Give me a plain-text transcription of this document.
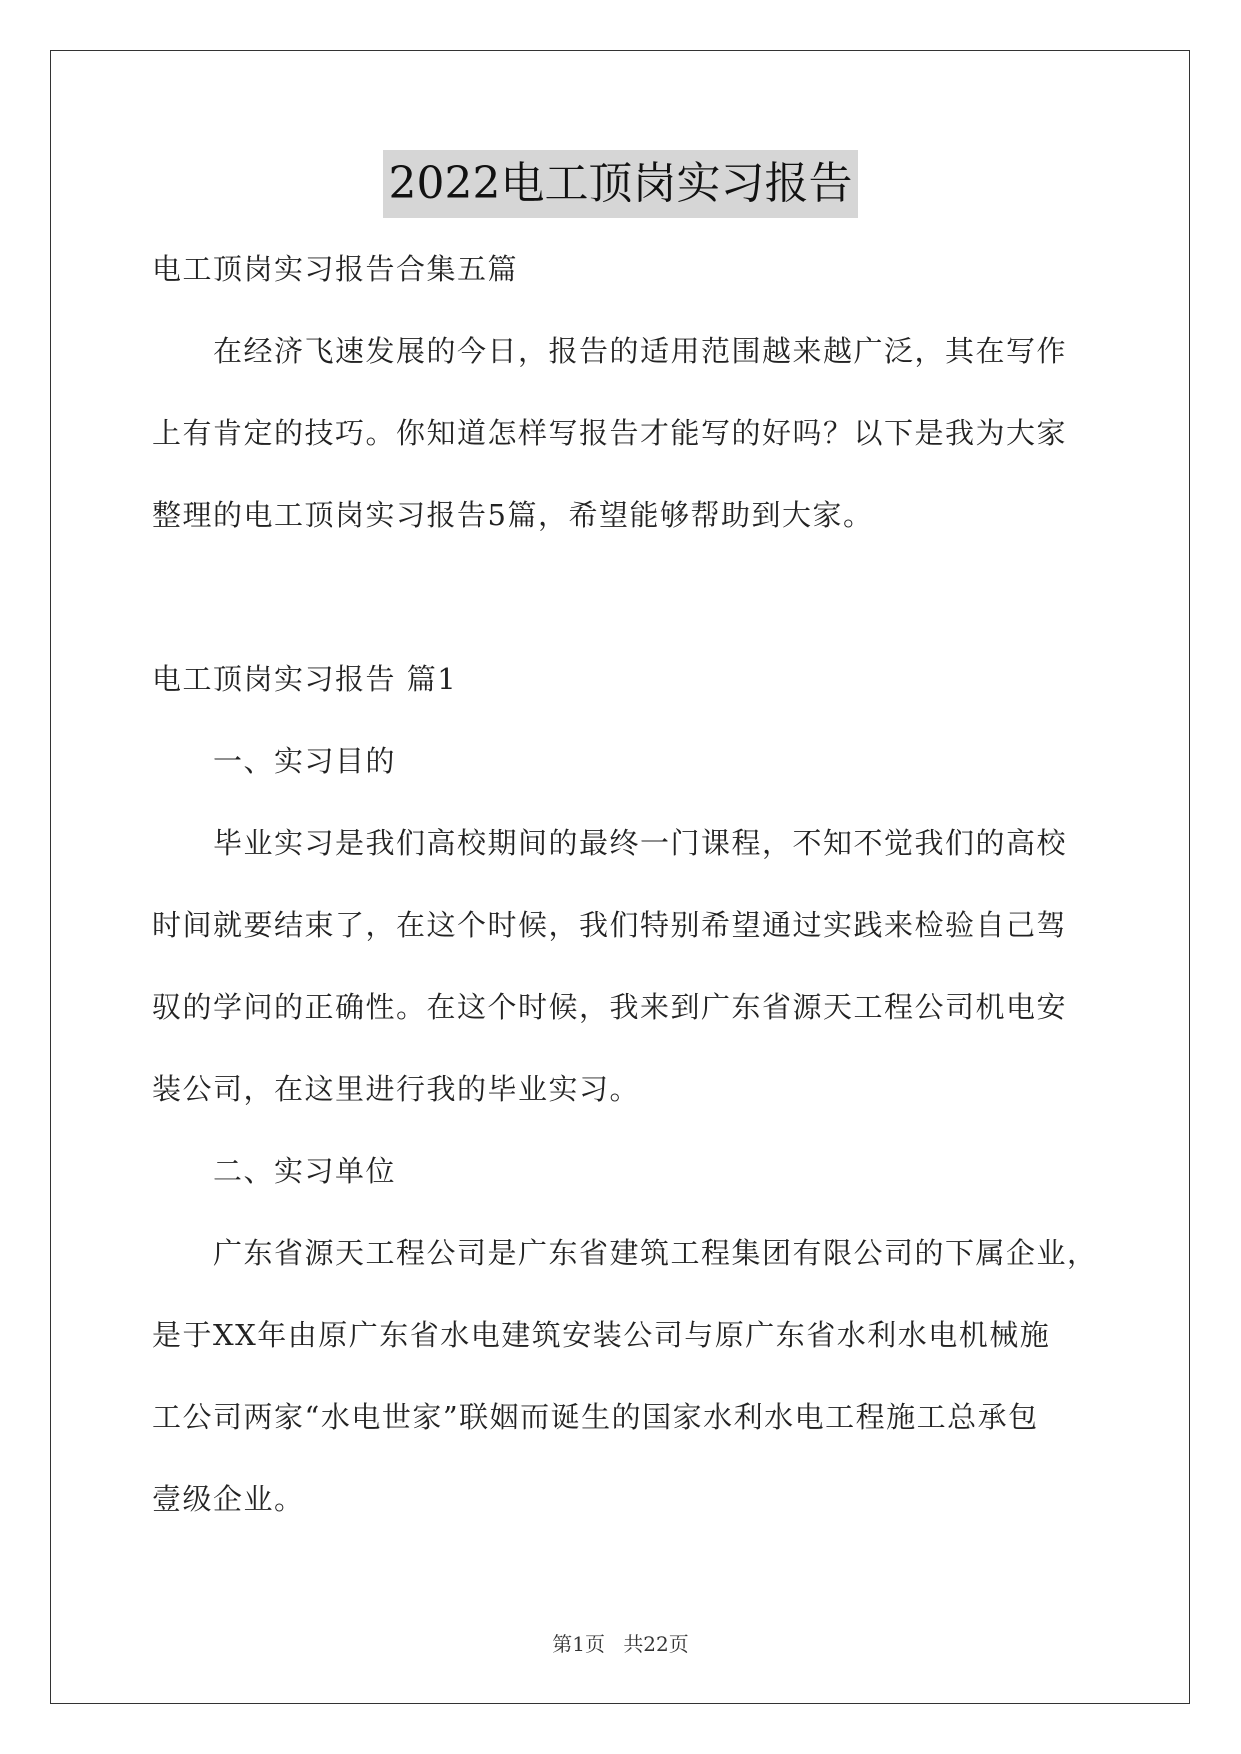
2022电工顶岗实习报告

电工顶岗实习报告合集五篇

在经济飞速发展的今日，报告的适用范围越来越广泛，其在写作

上有肯定的技巧。你知道怎样写报告才能写的好吗？以下是我为大家

整理的电工顶岗实习报告5篇，希望能够帮助到大家。

电工顶岗实习报告 篇1

一、实习目的

毕业实习是我们高校期间的最终一门课程，不知不觉我们的高校

时间就要结束了，在这个时候，我们特别希望通过实践来检验自己驾

驭的学问的正确性。在这个时候，我来到广东省源天工程公司机电安

装公司，在这里进行我的毕业实习。

二、实习单位

广东省源天工程公司是广东省建筑工程集团有限公司的下属企业，

是于XX年由原广东省水电建筑安装公司与原广东省水利水电机械施

工公司两家“水电世家”联姻而诞生的国家水利水电工程施工总承包

壹级企业。

第1页 共22页
